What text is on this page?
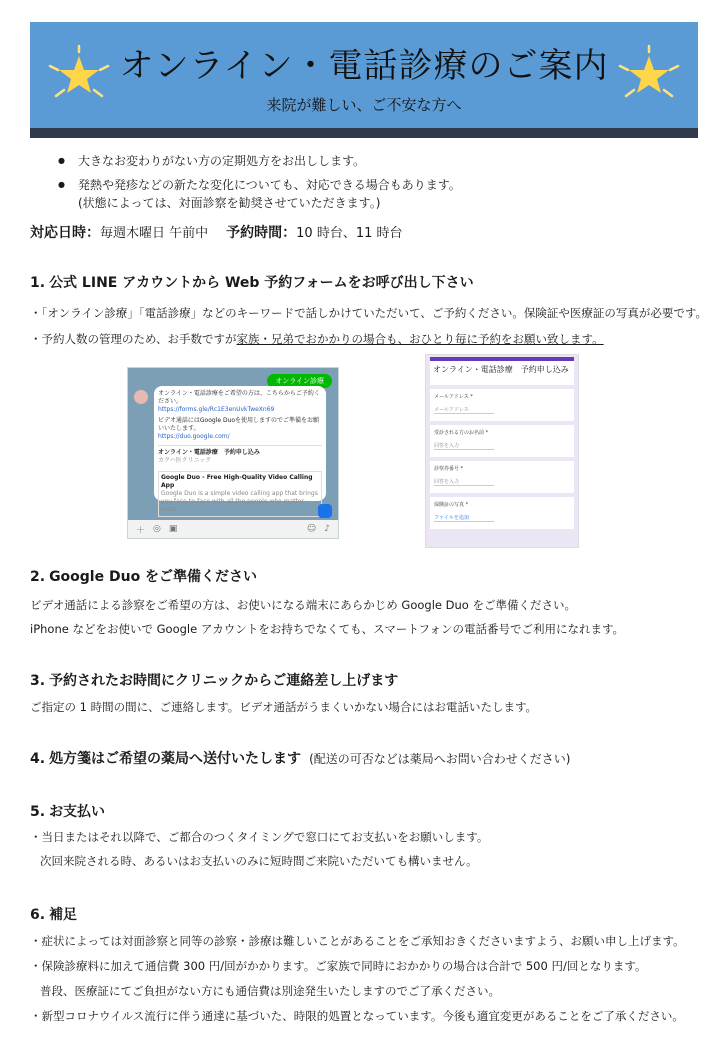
オンライン・電話診療のご案内
来院が難しい、ご不安な方へ
● 大きなお変わりがない方の定期処方をお出しします。
● 発熱や発疹などの新たな変化についても、対応できる場合もあります。
(状態によっては、対面診察を勧奨させていただきます。)
対応日時：毎週木曜日 午前中 予約時間：10 時台、11 時台
1. 公式 LINE アカウントから Web 予約フォームをお呼び出し下さい
・「オンライン診療」「電話診療」などのキーワードで話しかけていただいて、ご予約ください。保険証や医療証の写真が必要です。
・予約人数の管理のため、お手数ですが家族・兄弟でおかかりの場合も、おひとり毎に予約をお願い致します。
オンライン診療
オンライン・電話診療をご希望の方は、こちらからご予約ください。
https://forms.gle/Rc1E3enUvkTweXn69
ビデオ通話にはGoogle Duoを使用しますのでご準備をお願いいたします。
https://duo.google.com/
オンライン・電話診療　予約申し込み
カクハ医クリニック
Google Duo - Free High-Quality Video Calling App
Google Duo is a simple video calling app that brings you face-to-face with all the people who matter most.
＋ ◎ ▣	☺ ♪
オンライン・電話診療　予約申し込み

メールアドレス *
メールアドレス
受診される方のお名前 *
回答を入力
診察券番号 *
回答を入力
保険証の写真 *
ファイルを追加
2. Google Duo をご準備ください
ビデオ通話による診察をご希望の方は、お使いになる端末にあらかじめ Google Duo をご準備ください。
iPhone などをお使いで Google アカウントをお持ちでなくても、スマートフォンの電話番号でご利用になれます。
3. 予約されたお時間にクリニックからご連絡差し上げます
ご指定の 1 時間の間に、ご連絡します。ビデオ通話がうまくいかない場合にはお電話いたします。
4. 処方箋はご希望の薬局へ送付いたします (配送の可否などは薬局へお問い合わせください)
5. お支払い
・当日またはそれ以降で、ご都合のつくタイミングで窓口にてお支払いをお願いします。
次回来院される時、あるいはお支払いのみに短時間ご来院いただいても構いません。
6. 補足
・症状によっては対面診察と同等の診察・診療は難しいことがあることをご承知おきくださいますよう、お願い申し上げます。
・保険診療料に加えて通信費 300 円/回がかかります。ご家族で同時におかかりの場合は合計で 500 円/回となります。
普段、医療証にてご負担がない方にも通信費は別途発生いたしますのでご了承ください。
・新型コロナウイルス流行に伴う通達に基づいた、時限的処置となっています。今後も適宜変更があることをご了承ください。
